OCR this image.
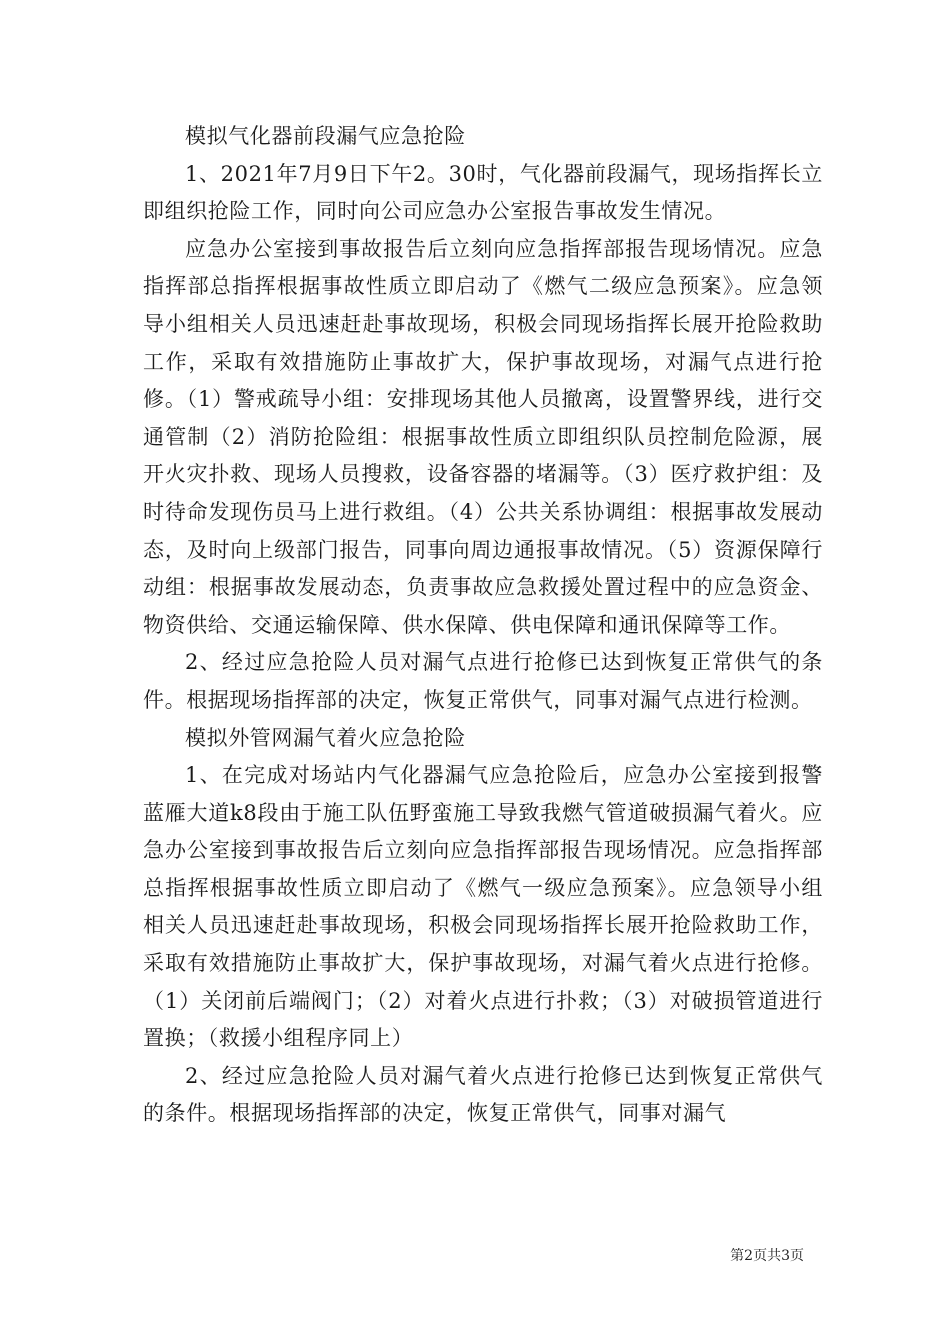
模拟气化器前段漏气应急抢险

1、2021年7月9日下午2。30时，气化器前段漏气，现场指挥长立即组织抢险工作，同时向公司应急办公室报告事故发生情况。

应急办公室接到事故报告后立刻向应急指挥部报告现场情况。应急指挥部总指挥根据事故性质立即启动了《燃气二级应急预案》。应急领导小组相关人员迅速赶赴事故现场，积极会同现场指挥长展开抢险救助工作，采取有效措施防止事故扩大，保护事故现场，对漏气点进行抢修。（1）警戒疏导小组：安排现场其他人员撤离，设置警界线，进行交通管制（2）消防抢险组：根据事故性质立即组织队员控制危险源，展开火灾扑救、现场人员搜救，设备容器的堵漏等。（3）医疗救护组：及时待命发现伤员马上进行救组。（4）公共关系协调组：根据事故发展动态，及时向上级部门报告，同事向周边通报事故情况。（5）资源保障行动组：根据事故发展动态，负责事故应急救援处置过程中的应急资金、物资供给、交通运输保障、供水保障、供电保障和通讯保障等工作。

2、经过应急抢险人员对漏气点进行抢修已达到恢复正常供气的条件。根据现场指挥部的决定，恢复正常供气，同事对漏气点进行检测。

模拟外管网漏气着火应急抢险

1、在完成对场站内气化器漏气应急抢险后，应急办公室接到报警蓝雁大道k8段由于施工队伍野蛮施工导致我燃气管道破损漏气着火。应急办公室接到事故报告后立刻向应急指挥部报告现场情况。应急指挥部总指挥根据事故性质立即启动了《燃气一级应急预案》。应急领导小组相关人员迅速赶赴事故现场，积极会同现场指挥长展开抢险救助工作，采取有效措施防止事故扩大，保护事故现场，对漏气着火点进行抢修。（1）关闭前后端阀门；（2）对着火点进行扑救；（3）对破损管道进行置换；（救援小组程序同上）

2、经过应急抢险人员对漏气着火点进行抢修已达到恢复正常供气的条件。根据现场指挥部的决定，恢复正常供气，同事对漏气

第2页共3页
